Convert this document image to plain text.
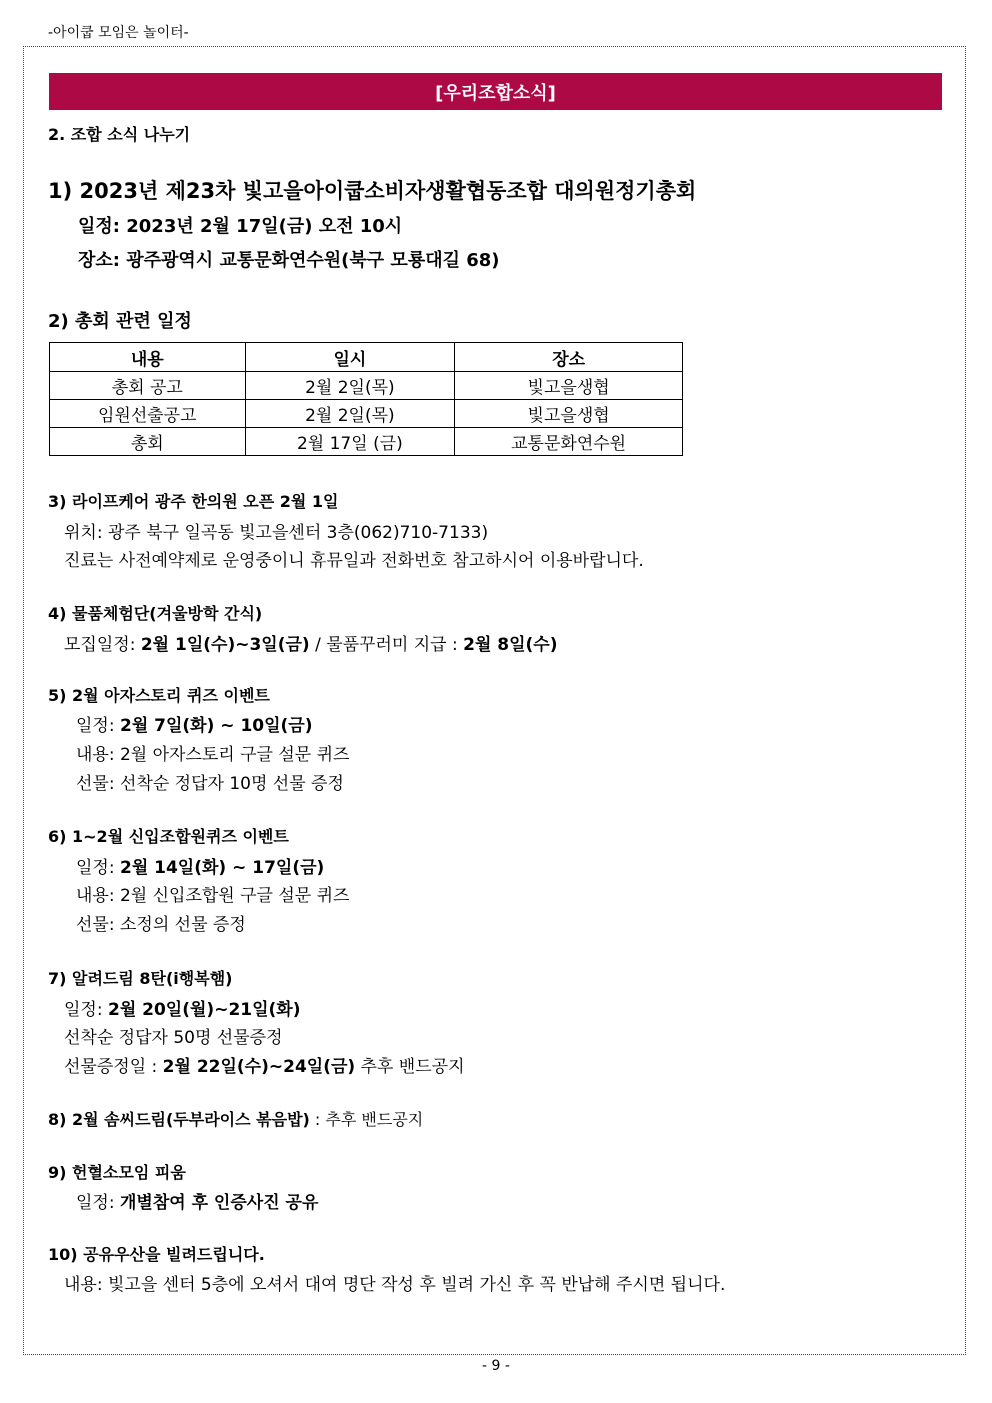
-아이쿱 모임은 놀이터-
[우리조합소식]
2. 조합 소식 나누기
1) 2023년 제23차 빛고을아이쿱소비자생활협동조합 대의원정기총회
일정: 2023년 2월 17일(금) 오전 10시
장소: 광주광역시 교통문화연수원(북구 모룡대길 68)
2) 총회 관련 일정
내용	일시	장소
총회 공고	2월 2일(목)	빛고을생협
임원선출공고	2월 2일(목)	빛고을생협
총회	2월 17일 (금)	교통문화연수원
3) 라이프케어 광주 한의원 오픈 2월 1일
위치: 광주 북구 일곡동 빛고을센터 3층(062)710-7133)
진료는 사전예약제로 운영중이니 휴뮤일과 전화번호 참고하시어 이용바랍니다.
4) 물품체험단(겨울방학 간식)
모집일정: 2월 1일(수)~3일(금) / 물품꾸러미 지급 : 2월 8일(수)
5) 2월 아자스토리 퀴즈 이벤트
일정: 2월 7일(화) ~ 10일(금)
내용: 2월 아자스토리 구글 설문 퀴즈
선물: 선착순 정답자 10명 선물 증정
6) 1~2월 신입조합원퀴즈 이벤트
일정: 2월 14일(화) ~ 17일(금)
내용: 2월 신입조합원 구글 설문 퀴즈
선물: 소정의 선물 증정
7) 알려드림 8탄(i행복햄)
일정: 2월 20일(월)~21일(화)
선착순 정답자 50명 선물증정
선물증정일 : 2월 22일(수)~24일(금) 추후 밴드공지
8) 2월 솜씨드림(두부라이스 볶음밥) : 추후 밴드공지
9) 헌혈소모임 피움
일정: 개별참여 후 인증사진 공유
10) 공유우산을 빌려드립니다.
내용: 빛고을 센터 5층에 오셔서 대여 명단 작성 후 빌려 가신 후 꼭 반납해 주시면 됩니다.
- 9 -
